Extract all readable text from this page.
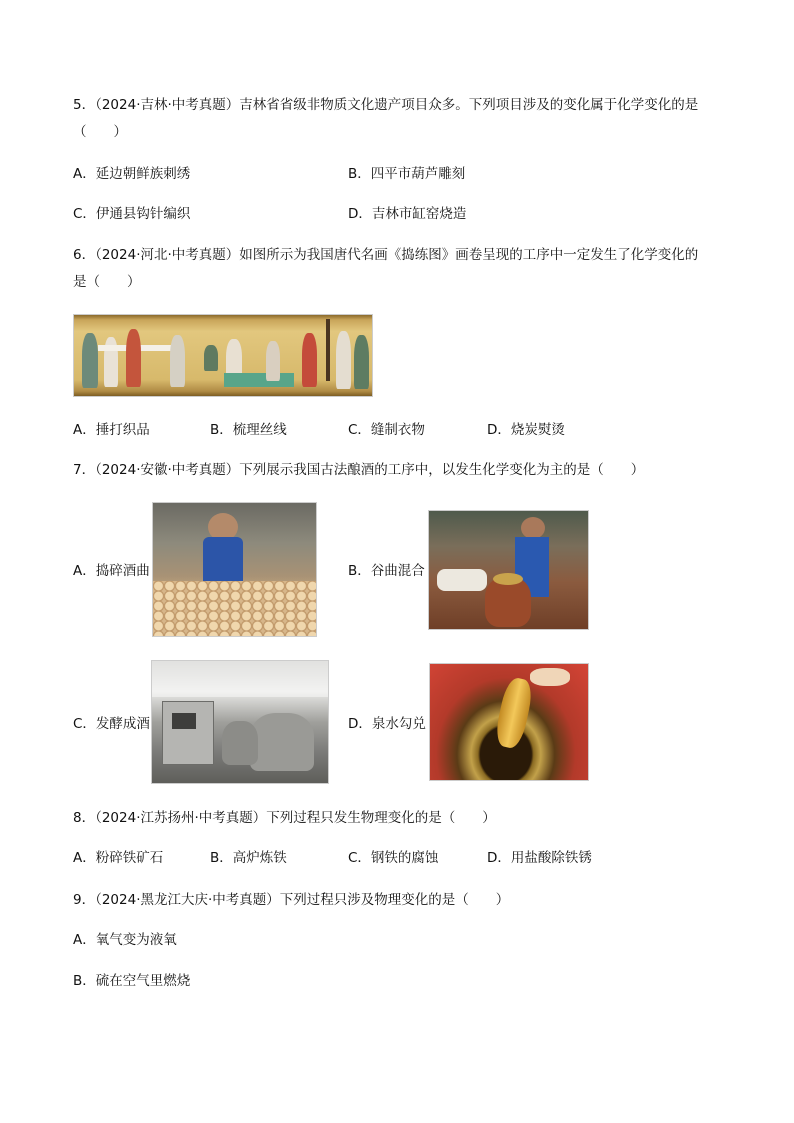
5．（2024·吉林·中考真题）吉林省省级非物质文化遗产项目众多。下列项目涉及的变化属于化学变化的是
（　　）
A．延边朝鲜族刺绣	B．四平市葫芦雕刻
C．伊通县钩针编织	D．吉林市缸窑烧造
6．（2024·河北·中考真题）如图所示为我国唐代名画《捣练图》画卷呈现的工序中一定发生了化学变化的
是（　　）
A．捶打织品	B．梳理丝线	C．缝制衣物	D．烧炭熨烫
7．（2024·安徽·中考真题）下列展示我国古法酿酒的工序中，以发生化学变化为主的是（　　）
A．捣碎酒曲	B．谷曲混合
C．发酵成酒	D．泉水勾兑
8．（2024·江苏扬州·中考真题）下列过程只发生物理变化的是（　　）
A．粉碎铁矿石	B．高炉炼铁	C．钢铁的腐蚀	D．用盐酸除铁锈
9．（2024·黑龙江大庆·中考真题）下列过程只涉及物理变化的是（　　）
A．氧气变为液氧
B．硫在空气里燃烧
